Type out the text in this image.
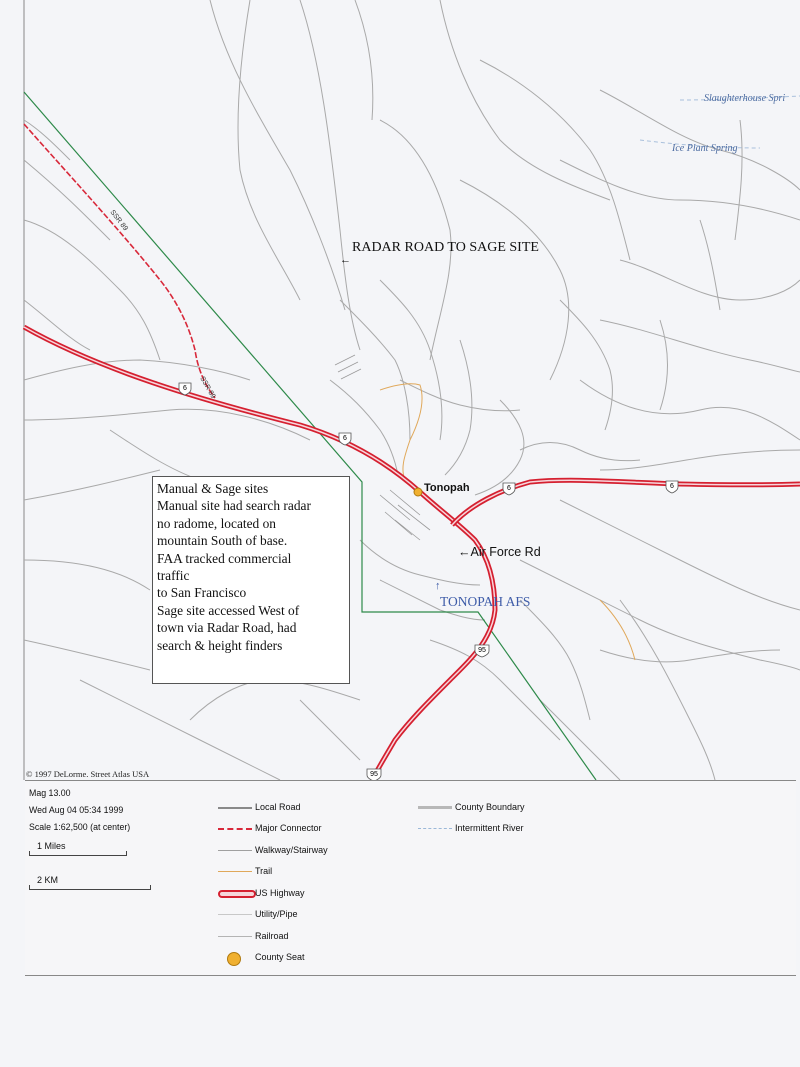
6
6
6	6
95
95
SSR 89
SSR 89
RADAR ROAD TO SAGE SITE
←
Tonopah
←Air Force Rd
↑
TONOPAH AFS
Slaughterhouse Spri
Ice Plant Spring
© 1997 DeLorme. Street Atlas USA
Manual & Sage sites
Manual site had search radar
no radome, located on
mountain South of base.
FAA tracked commercial
traffic
to San Francisco
Sage site accessed West of
town via Radar Road, had
search & height finders
Mag 13.00
Wed Aug 04 05:34 1999
Scale 1:62,500 (at center)
1 Miles
2 KM
Local Road
Major Connector
Walkway/Stairway
Trail
US Highway
Utility/Pipe
Railroad
County Seat
County Boundary
Intermittent River
